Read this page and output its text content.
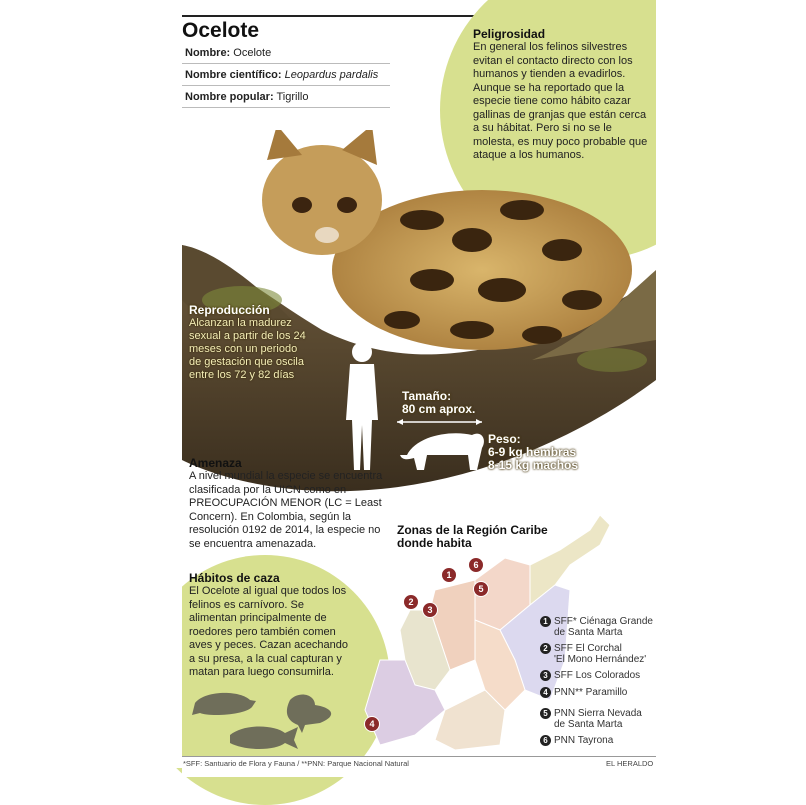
Ocelote
Nombre: Ocelote
Nombre científico: Leopardus pardalis
Nombre popular: Tigrillo
Peligrosidad
En general los felinos silvestres evitan el contacto directo con los humanos y tienden a evadirlos. Aunque se ha reportado que la especie tiene como hábito cazar gallinas de granjas que están cerca a su hábitat. Pero si no se le molesta, es muy poco probable que ataque a los humanos.
Reproducción
Alcanzan la madurez sexual a partir de los 24 meses con un periodo de gestación que oscila entre los 72 y 82 días
Tamaño:
80 cm aprox.
Peso:
6-9 kg hembras
8-15 kg machos
Amenaza
A nivel mundial la especie se encuentra clasificada por la UICN como en PREOCUPACIÓN MENOR (LC = Least Concern). En Colombia, según la resolución 0192 de 2014, la especie no se encuentra amenazada.
Hábitos de caza
El Ocelote al igual que todos los felinos es carnívoro. Se alimentan principalmente de roedores pero también comen aves y peces. Cazan acechando a su presa, a la cual capturan y matan para luego consumirla.
Zonas de la Región Caribe
donde habita
1
2
3
4
5
6
1 SFF* Ciénaga Grande
de Santa Marta
2 SFF El Corchal
'El Mono Hernández'
3 SFF Los Colorados
4 PNN** Paramillo
5 PNN Sierra Nevada
de Santa Marta
6 PNN Tayrona
*SFF: Santuario de Flora y Fauna / **PNN: Parque Nacional Natural	EL HERALDO
